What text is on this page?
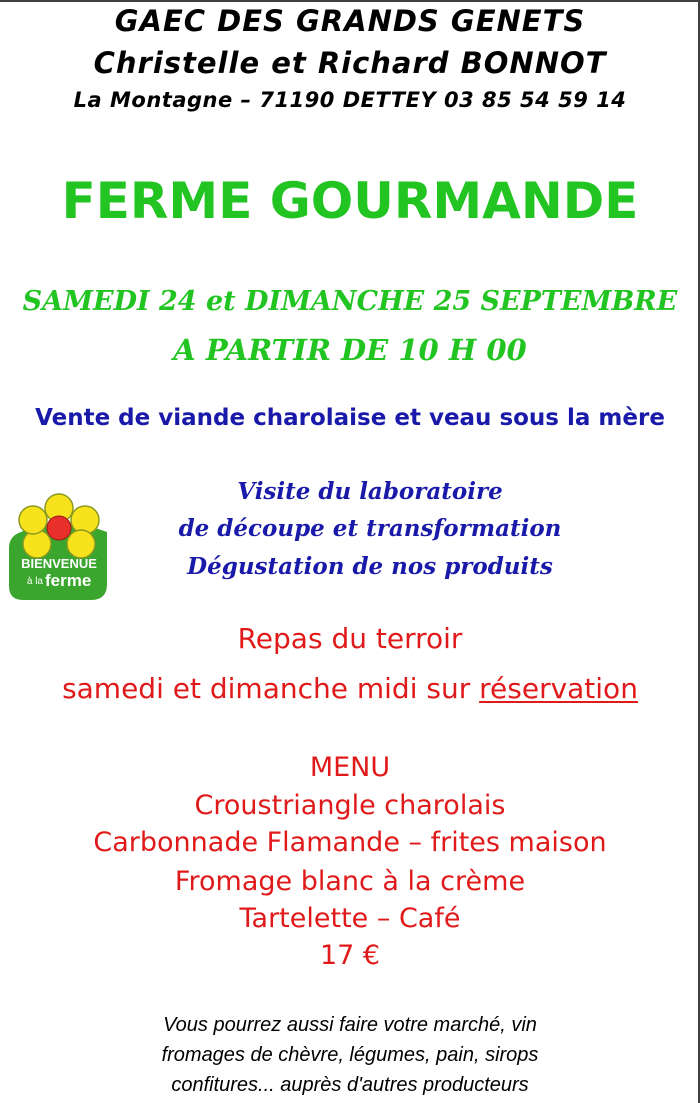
GAEC DES GRANDS GENETS
Christelle et Richard BONNOT
La Montagne – 71190 DETTEY 03 85 54 59 14
FERME GOURMANDE
SAMEDI 24 et DIMANCHE 25 SEPTEMBRE
A PARTIR DE 10 H 00
Vente de viande charolaise et veau sous la mère
Visite du laboratoire
de découpe et transformation
Dégustation de nos produits
BIENVENUE
à la ferme
Repas du terroir
samedi et dimanche midi sur réservation
MENU
Croustriangle charolais
Carbonnade Flamande – frites maison
Fromage blanc à la crème
Tartelette – Café
17 €
Vous pourrez aussi faire votre marché, vin
fromages de chèvre, légumes, pain, sirops
confitures... auprès d'autres producteurs
